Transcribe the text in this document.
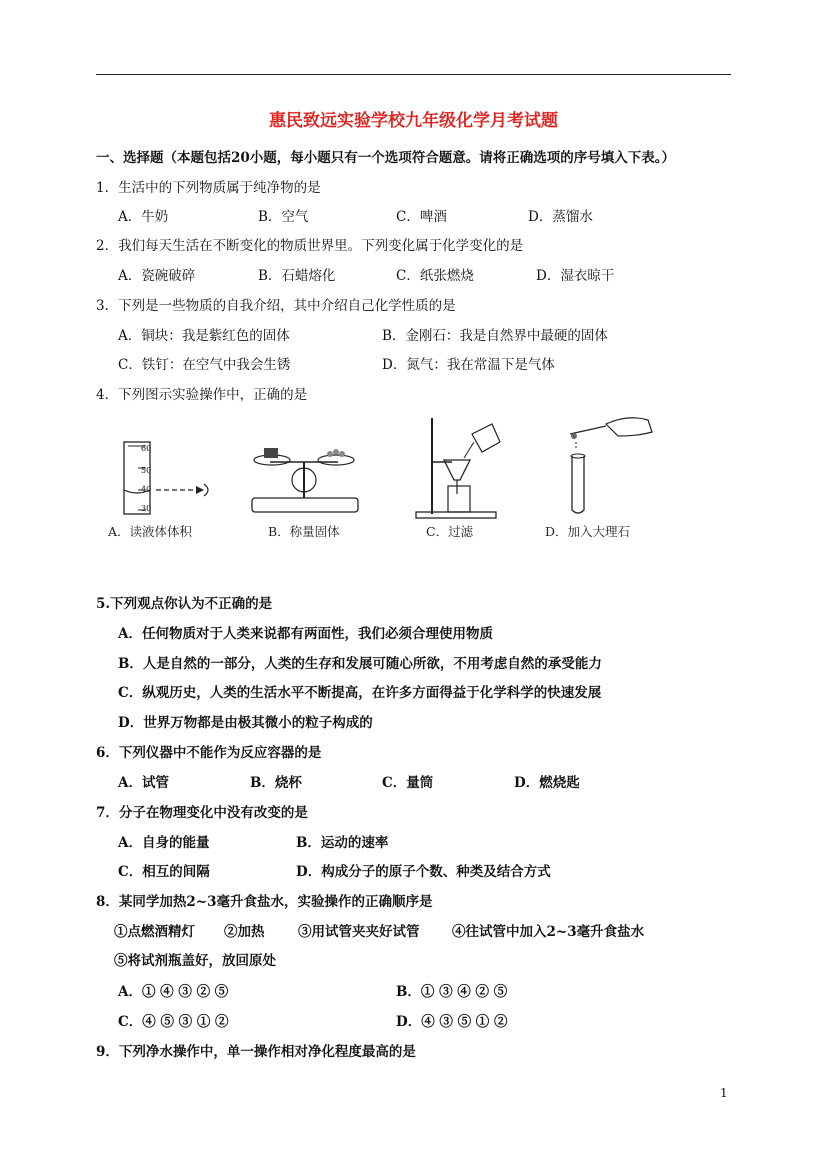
惠民致远实验学校九年级化学月考试题
一、选择题（本题包括20小题，每小题只有一个选项符合题意。请将正确选项的序号填入下表。）
1．生活中的下列物质属于纯净物的是
A．牛奶	B．空气	C．啤酒	D．蒸馏水
2．我们每天生活在不断变化的物质世界里。下列变化属于化学变化的是
A．瓷碗破碎	B．石蜡熔化	C．纸张燃烧	D．湿衣晾干
3．下列是一些物质的自我介绍，其中介绍自己化学性质的是
A．铜块：我是紫红色的固体	B．金刚石：我是自然界中最硬的固体
C．铁钉：在空气中我会生锈	D．氮气：我在常温下是气体
4．下列图示实验操作中，正确的是
60
50
40
30
A．读液体体积	B．称量固体	C．过滤	D．加入大理石
5.下列观点你认为不正确的是
A．任何物质对于人类来说都有两面性，我们必须合理使用物质
B．人是自然的一部分，人类的生存和发展可随心所欲，不用考虑自然的承受能力
C．纵观历史，人类的生活水平不断提高，在许多方面得益于化学科学的快速发展
D．世界万物都是由极其微小的粒子构成的
6．下列仪器中不能作为反应容器的是
A．试管	B．烧杯	C．量筒	D．燃烧匙
7．分子在物理变化中没有改变的是
A．自身的能量	B．运动的速率
C．相互的间隔	D．构成分子的原子个数、种类及结合方式
8．某同学加热2~3毫升食盐水，实验操作的正确顺序是
①点燃酒精灯 ②加热 ③用试管夹夹好试管 ④往试管中加入2~3毫升食盐水
⑤将试剂瓶盖好，放回原处
A．① ④ ③ ② ⑤	B．① ③ ④ ② ⑤
C．④ ⑤ ③ ① ②	D．④ ③ ⑤ ① ②
9．下列净水操作中，单一操作相对净化程度最高的是
1
